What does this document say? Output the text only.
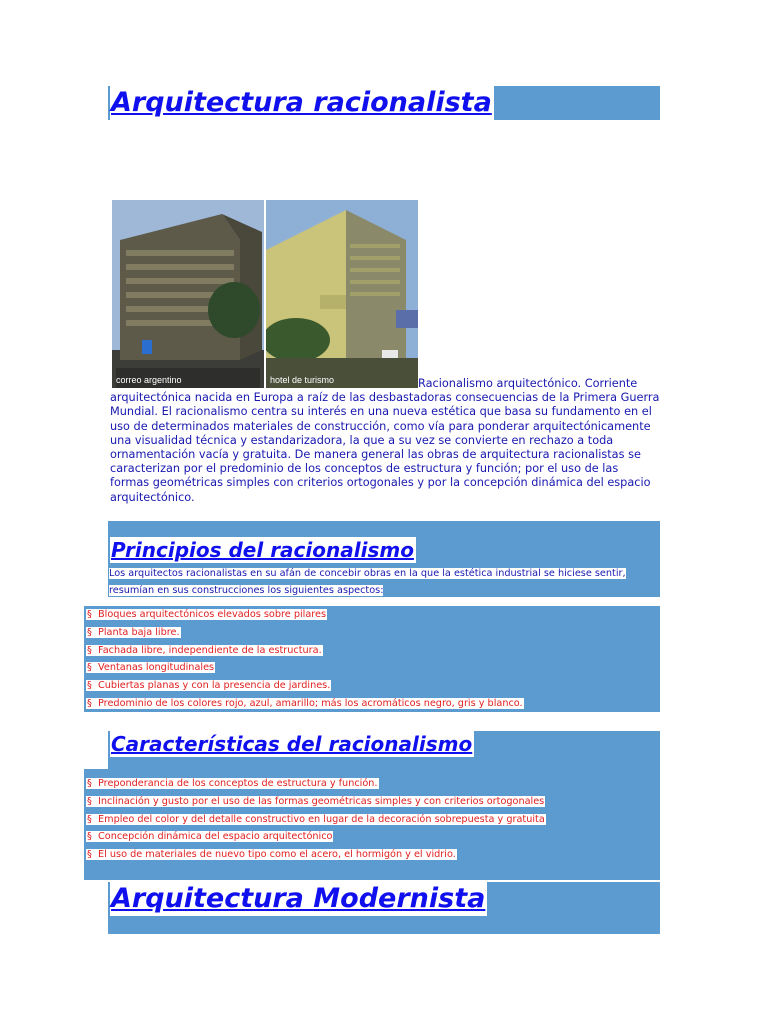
Arquitectura racionalista
correo argentino	hotel de turismo	Racionalismo arquitectónico. Corriente arquitectónica nacida en Europa a raíz de las desbastadoras consecuencias de la Primera Guerra Mundial. El racionalismo centra su interés en una nueva estética que basa su fundamento en el uso de determinados materiales de construcción, como vía para ponderar arquitectónicamente una visualidad técnica y estandarizadora, la que a su vez se convierte en rechazo a toda ornamentación vacía y gratuita. De manera general las obras de arquitectura racionalistas se caracterizan por el predominio de los conceptos de estructura y función; por el uso de las formas geométricas simples con criterios ortogonales y por la concepción dinámica del espacio arquitectónico.

Principios del racionalismo

Los arquitectos racionalistas en su afán de concebir obras en la que la estética industrial se hiciese sentir, resumían en sus construcciones los siguientes aspectos:

§ Bloques arquitectónicos elevados sobre pilares
§ Planta baja libre.
§ Fachada libre, independiente de la estructura.
§ Ventanas longitudinales
§ Cubiertas planas y con la presencia de jardines.
§ Predominio de los colores rojo, azul, amarillo; más los acromáticos negro, gris y blanco.
Características del racionalismo
§ Preponderancia de los conceptos de estructura y función.
§ Inclinación y gusto por el uso de las formas geométricas simples y con criterios ortogonales
§ Empleo del color y del detalle constructivo en lugar de la decoración sobrepuesta y gratuita
§ Concepción dinámica del espacio arquitectónico
§ El uso de materiales de nuevo tipo como el acero, el hormigón y el vidrio.
Arquitectura Modernista
